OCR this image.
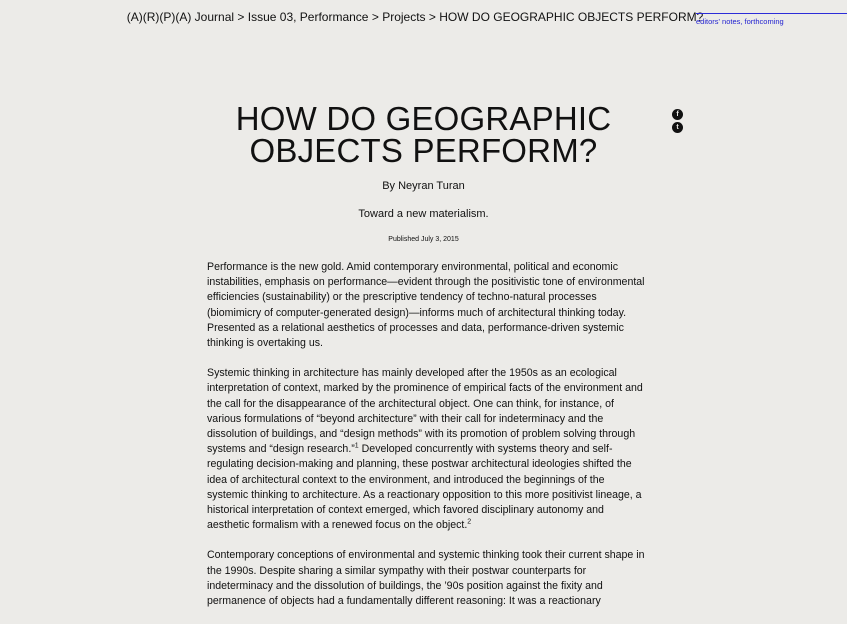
(A)(R)(P)(A) Journal > Issue 03, Performance > Projects > HOW DO GEOGRAPHIC OBJECTS PERFORM?
editors' notes, forthcoming
f
t
HOW DO GEOGRAPHIC
OBJECTS PERFORM?
By Neyran Turan
Toward a new materialism.
Published July 3, 2015

Performance is the new gold. Amid contemporary environmental, political and economic instabilities, emphasis on performance—evident through the positivistic tone of environmental efficiencies (sustainability) or the prescriptive tendency of techno-natural processes (biomimicry of computer-generated design)—informs much of architectural thinking today. Presented as a relational aesthetics of processes and data, performance-driven systemic thinking is overtaking us.

Systemic thinking in architecture has mainly developed after the 1950s as an ecological interpretation of context, marked by the prominence of empirical facts of the environment and the call for the disappearance of the architectural object. One can think, for instance, of various formulations of “beyond architecture” with their call for indeterminacy and the dissolution of buildings, and “design methods” with its promotion of problem solving through systems and “design research.”$^1$ Developed concurrently with systems theory and self-regulating decision-making and planning, these postwar architectural ideologies shifted the idea of architectural context to the environment, and introduced the beginnings of the systemic thinking to architecture. As a reactionary opposition to this more positivist lineage, a historical interpretation of context emerged, which favored disciplinary autonomy and aesthetic formalism with a renewed focus on the object.$^2$

Contemporary conceptions of environmental and systemic thinking took their current shape in the 1990s. Despite sharing a similar sympathy with their postwar counterparts for indeterminacy and the dissolution of buildings, the ’90s position against the fixity and permanence of objects had a fundamentally different reasoning: It was a reactionary
